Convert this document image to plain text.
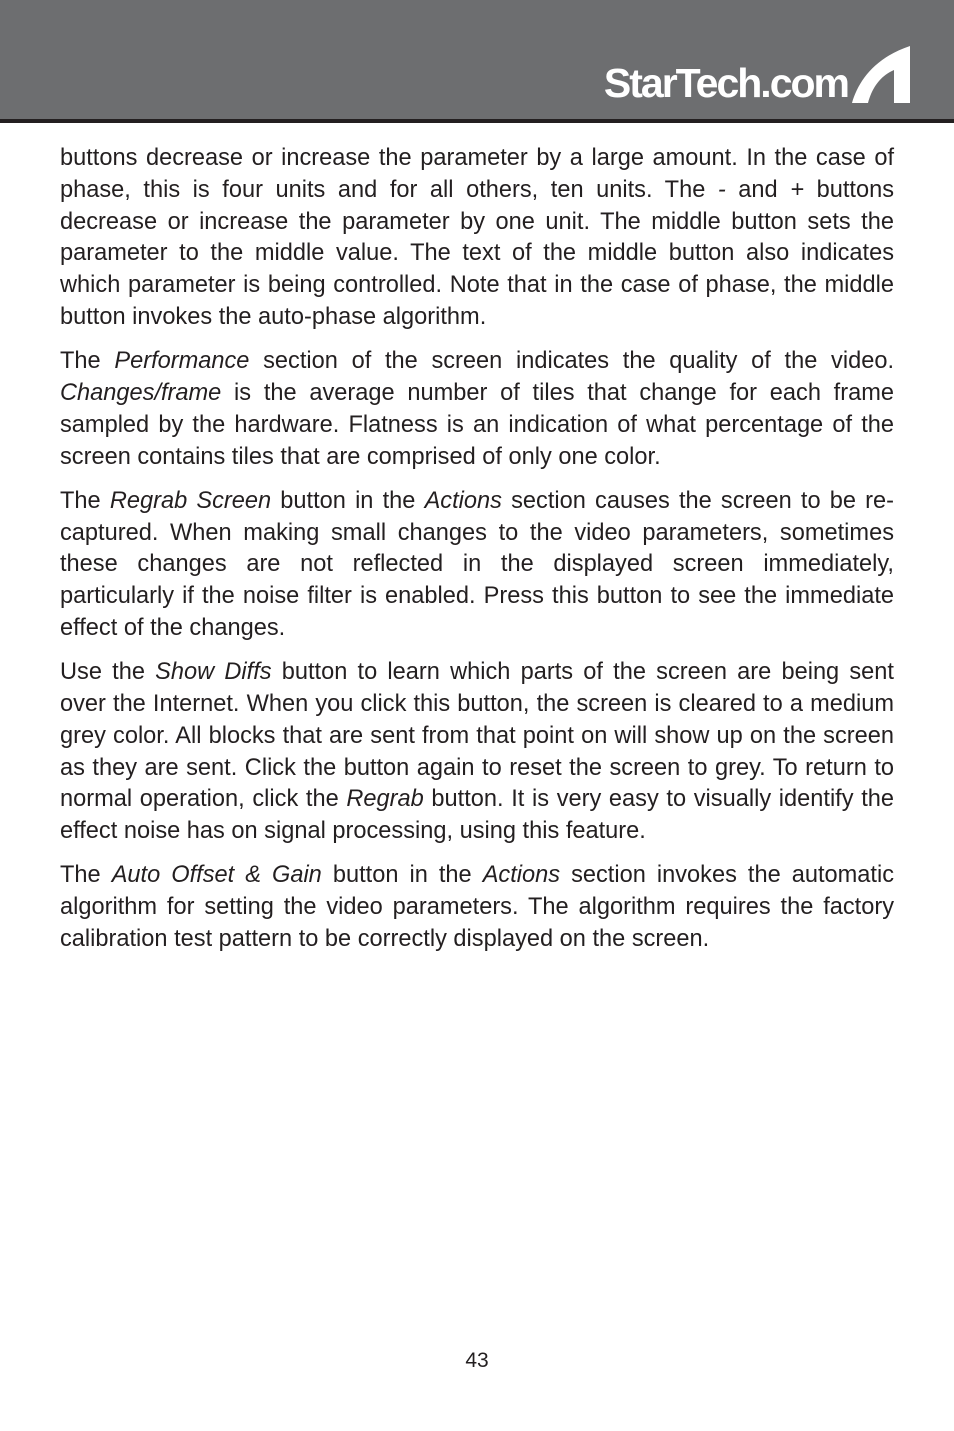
StarTech.com

buttons decrease or increase the parameter by a large amount. In the case of phase, this is four units and for all others, ten units. The - and + buttons decrease or increase the parameter by one unit. The middle button sets the parameter to the middle value. The text of the middle button also indicates which parameter is being controlled. Note that in the case of phase, the middle button invokes the auto-phase algorithm.

The Performance section of the screen indicates the quality of the video. Changes/frame is the average number of tiles that change for each frame sampled by the hardware. Flatness is an indication of what percentage of the screen contains tiles that are comprised of only one color.

The Regrab Screen button in the Actions section causes the screen to be re-captured. When making small changes to the video parameters, sometimes these changes are not reflected in the displayed screen immediately, particularly if the noise filter is enabled. Press this button to see the immediate effect of the changes.

Use the Show Diffs button to learn which parts of the screen are being sent over the Internet. When you click this button, the screen is cleared to a medium grey color. All blocks that are sent from that point on will show up on the screen as they are sent. Click the button again to reset the screen to grey. To return to normal operation, click the Regrab button. It is very easy to visually identify the effect noise has on signal processing, using this feature.

The Auto Offset & Gain button in the Actions section invokes the automatic algorithm for setting the video parameters. The algorithm requires the factory calibration test pattern to be correctly displayed on the screen.

43
